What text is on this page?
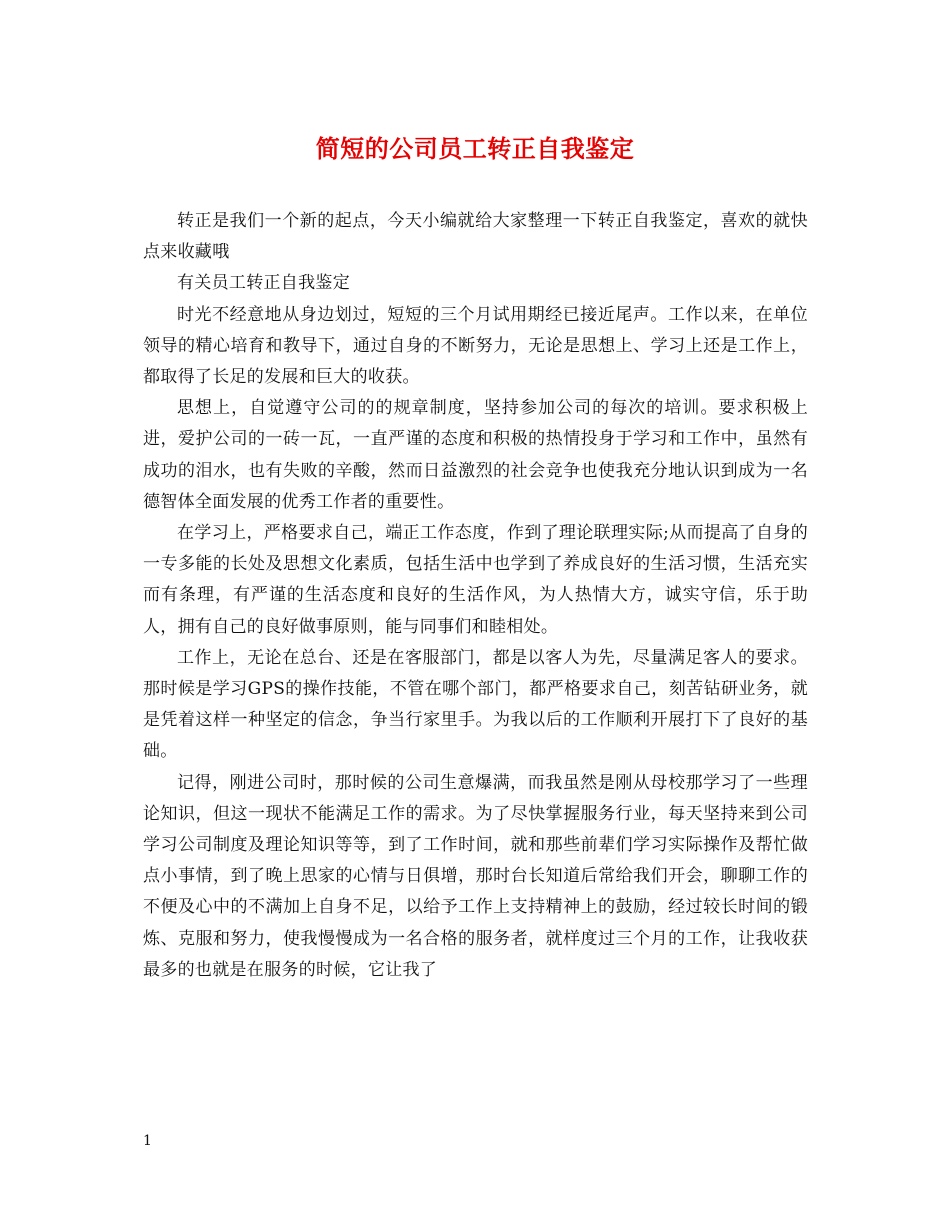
简短的公司员工转正自我鉴定

转正是我们一个新的起点，今天小编就给大家整理一下转正自我鉴定，喜欢的就快点来收藏哦

有关员工转正自我鉴定

时光不经意地从身边划过，短短的三个月试用期经已接近尾声。工作以来，在单位领导的精心培育和教导下，通过自身的不断努力，无论是思想上、学习上还是工作上，都取得了长足的发展和巨大的收获。

思想上，自觉遵守公司的的规章制度，坚持参加公司的每次的培训。要求积极上进，爱护公司的一砖一瓦，一直严谨的态度和积极的热情投身于学习和工作中，虽然有成功的泪水，也有失败的辛酸，然而日益激烈的社会竞争也使我充分地认识到成为一名德智体全面发展的优秀工作者的重要性。

在学习上，严格要求自己，端正工作态度，作到了理论联理实际;从而提高了自身的一专多能的长处及思想文化素质，包括生活中也学到了养成良好的生活习惯，生活充实而有条理，有严谨的生活态度和良好的生活作风，为人热情大方，诚实守信，乐于助人，拥有自己的良好做事原则，能与同事们和睦相处。

工作上，无论在总台、还是在客服部门，都是以客人为先，尽量满足客人的要求。那时候是学习GPS的操作技能，不管在哪个部门，都严格要求自己，刻苦钻研业务，就是凭着这样一种坚定的信念，争当行家里手。为我以后的工作顺利开展打下了良好的基础。

记得，刚进公司时，那时候的公司生意爆满，而我虽然是刚从母校那学习了一些理论知识，但这一现状不能满足工作的需求。为了尽快掌握服务行业，每天坚持来到公司学习公司制度及理论知识等等，到了工作时间，就和那些前辈们学习实际操作及帮忙做点小事情，到了晚上思家的心情与日俱增，那时台长知道后常给我们开会，聊聊工作的不便及心中的不满加上自身不足，以给予工作上支持精神上的鼓励，经过较长时间的锻炼、克服和努力，使我慢慢成为一名合格的服务者，就样度过三个月的工作，让我收获最多的也就是在服务的时候，它让我了

1
